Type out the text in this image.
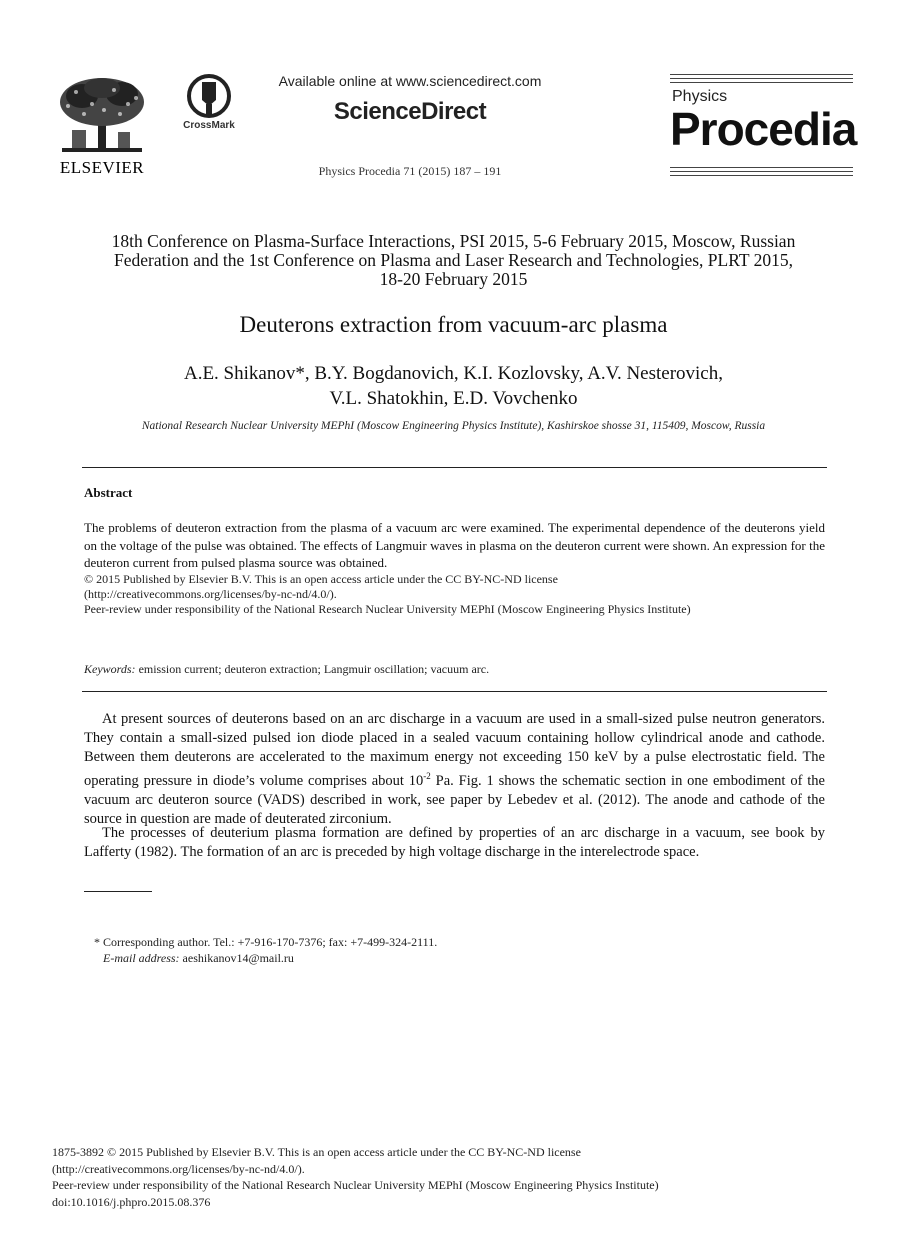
ELSEVIER
CrossMark
Available online at www.sciencedirect.com
ScienceDirect
Physics Procedia 71 (2015) 187 – 191
Physics
Procedia
18th Conference on Plasma-Surface Interactions, PSI 2015, 5-6 February 2015, Moscow, Russian
Federation and the 1st Conference on Plasma and Laser Research and Technologies, PLRT 2015,
18-20 February 2015
Deuterons extraction from vacuum-arc plasma
A.E. Shikanov*, B.Y. Bogdanovich, K.I. Kozlovsky, A.V. Nesterovich,
V.L. Shatokhin, E.D. Vovchenko
National Research Nuclear University MEPhI (Moscow Engineering Physics Institute), Kashirskoe shosse 31, 115409, Moscow, Russia
Abstract
The problems of deuteron extraction from the plasma of a vacuum arc were examined. The experimental dependence of the deuterons yield on the voltage of the pulse was obtained. The effects of Langmuir waves in plasma on the deuteron current were shown. An expression for the deuteron current from pulsed plasma source was obtained.
© 2015 Published by Elsevier B.V. This is an open access article under the CC BY-NC-ND license
(http://creativecommons.org/licenses/by-nc-nd/4.0/).
Peer-review under responsibility of the National Research Nuclear University MEPhI (Moscow Engineering Physics Institute)
Keywords: emission current; deuteron extraction; Langmuir oscillation; vacuum arc.
At present sources of deuterons based on an arc discharge in a vacuum are used in a small-sized pulse neutron generators. They contain a small-sized pulsed ion diode placed in a sealed vacuum containing hollow cylindrical anode and cathode. Between them deuterons are accelerated to the maximum energy not exceeding 150 keV by a pulse electrostatic field. The operating pressure in diode’s volume comprises about $10^{-2}$ Pa. Fig. 1 shows the schematic section in one embodiment of the vacuum arc deuteron source (VADS) described in work, see paper by Lebedev et al. (2012). The anode and cathode of the source in question are made of deuterated zirconium.
The processes of deuterium plasma formation are defined by properties of an arc discharge in a vacuum, see book by Lafferty (1982). The formation of an arc is preceded by high voltage discharge in the interelectrode space.
* Corresponding author. Tel.: +7-916-170-7376; fax: +7-499-324-2111.
E-mail address: aeshikanov14@mail.ru
1875-3892 © 2015 Published by Elsevier B.V. This is an open access article under the CC BY-NC-ND license
(http://creativecommons.org/licenses/by-nc-nd/4.0/).
Peer-review under responsibility of the National Research Nuclear University MEPhI (Moscow Engineering Physics Institute)
doi:10.1016/j.phpro.2015.08.376
